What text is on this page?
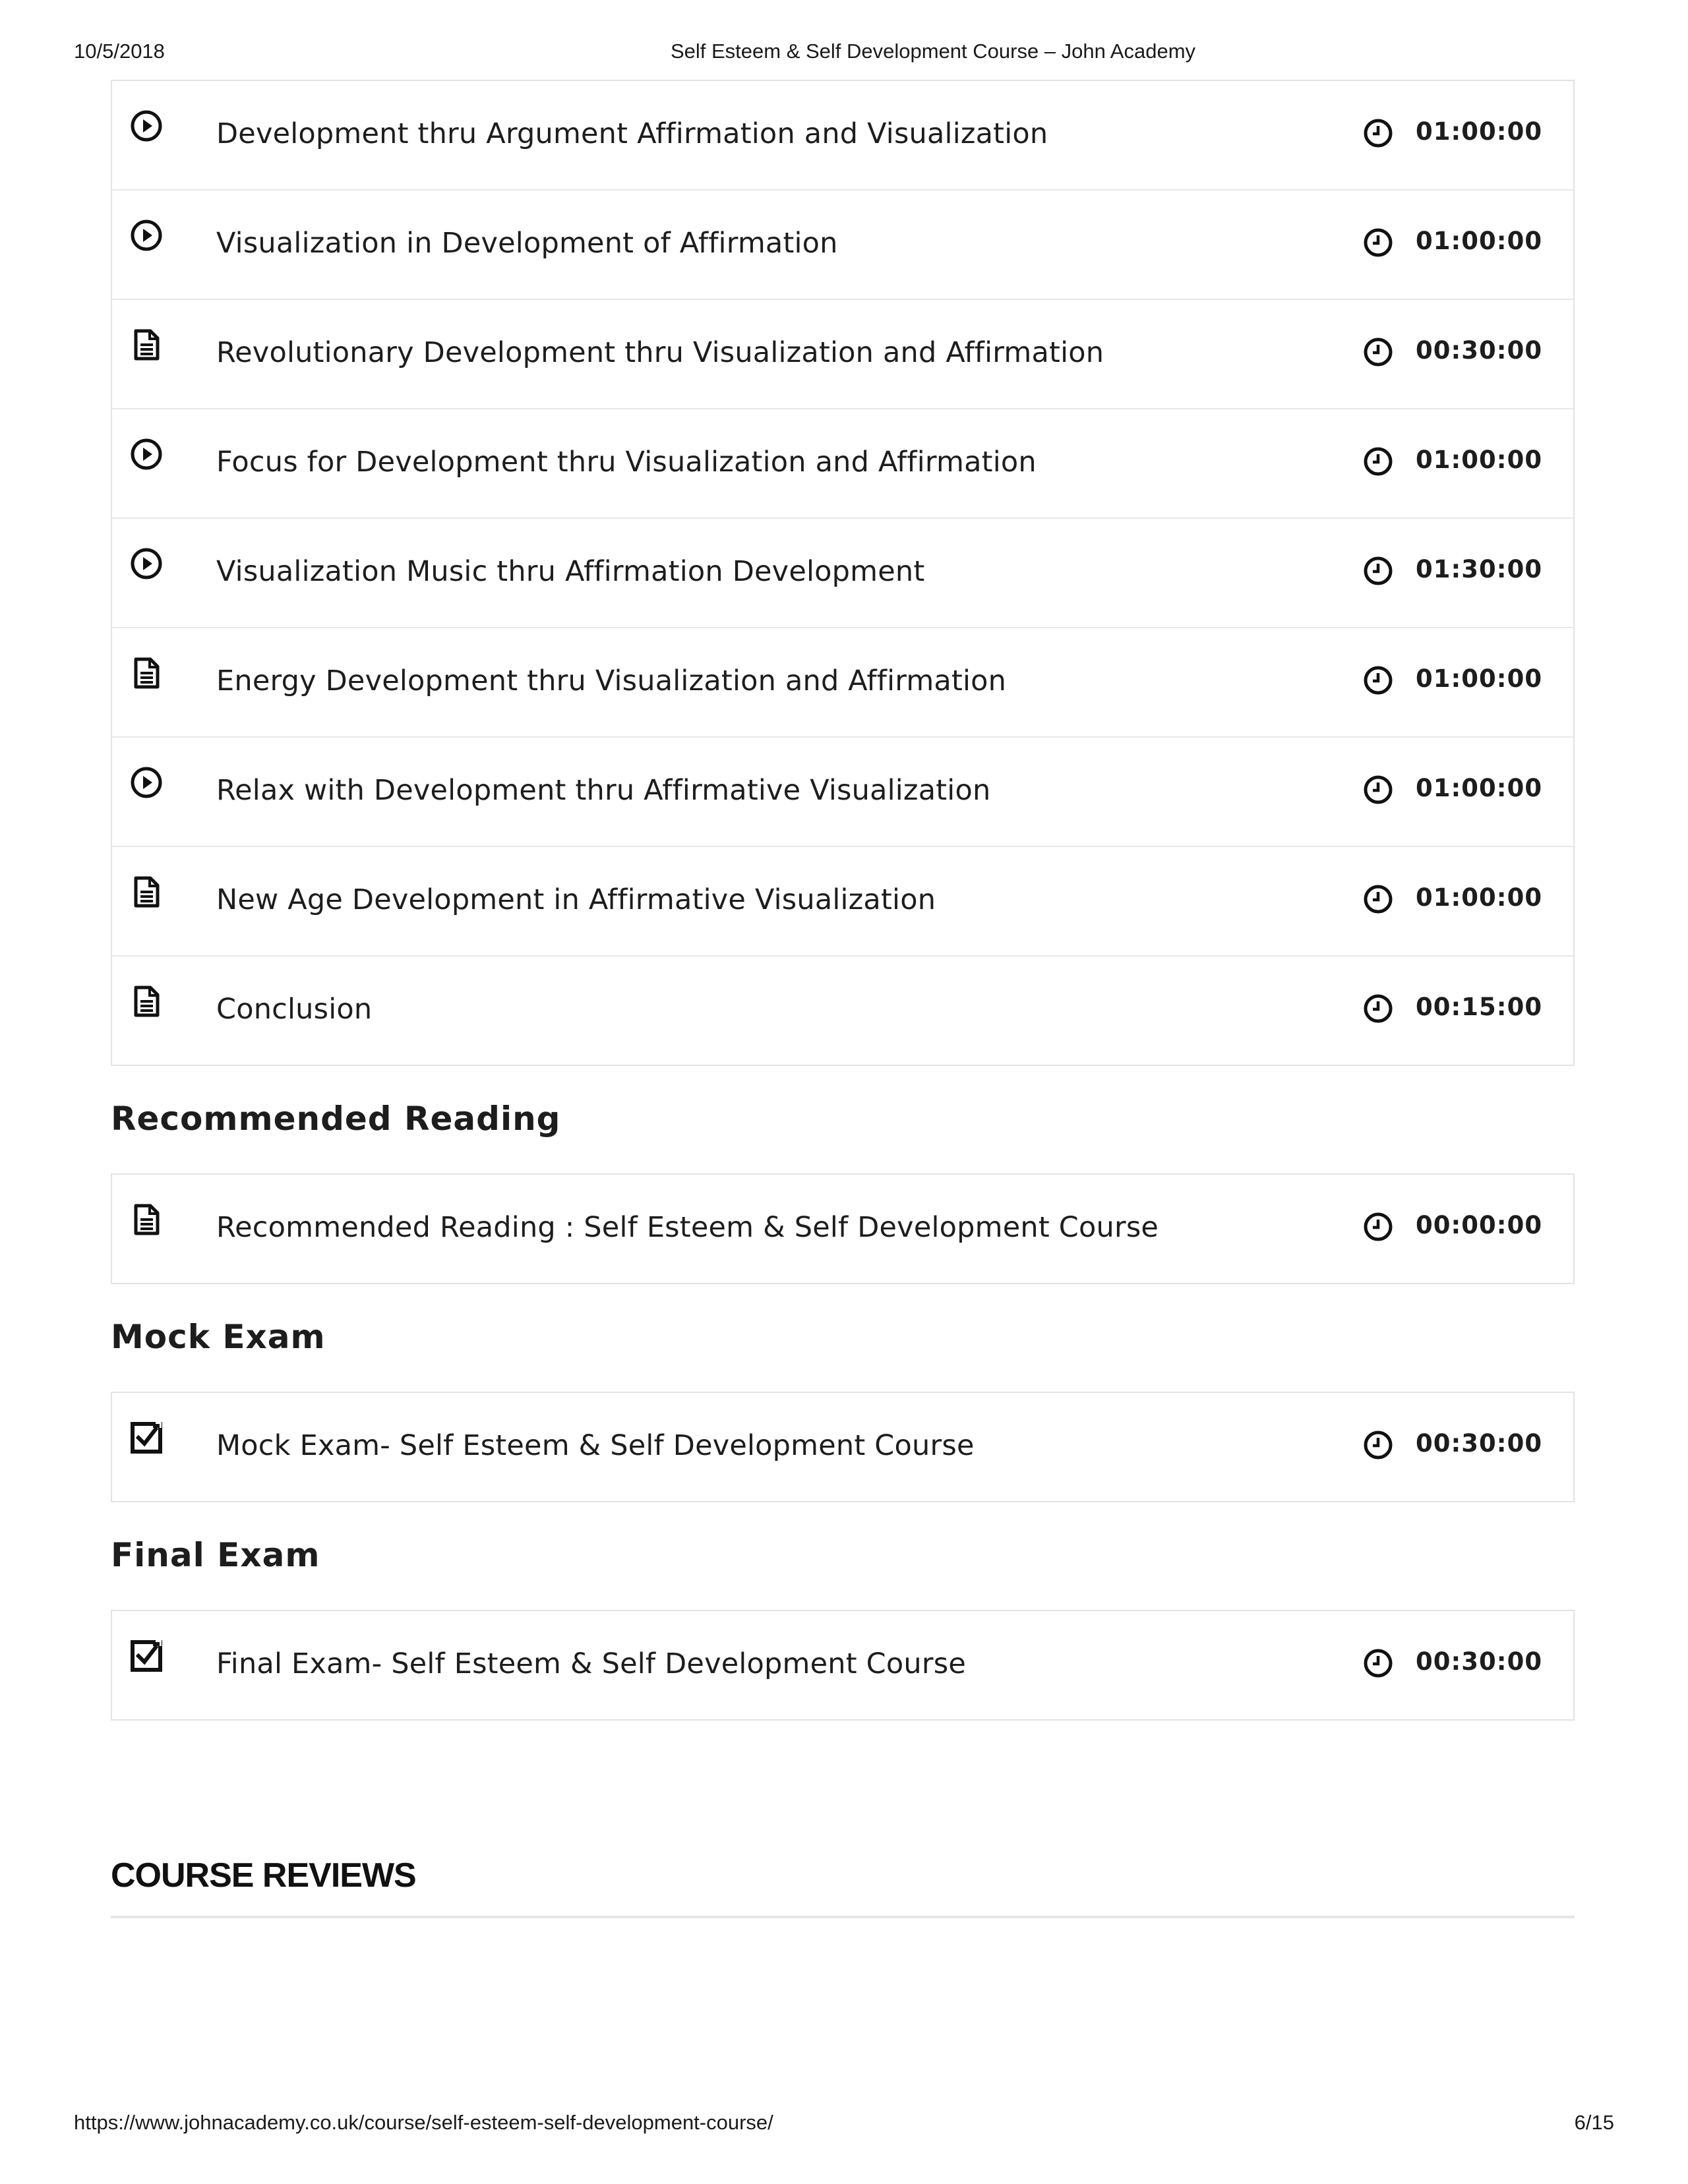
10/5/2018	Self Esteem & Self Development Course – John Academy
Development thru Argument Affirmation and Visualization	01:00:00
Visualization in Development of Affirmation	01:00:00
Revolutionary Development thru Visualization and Affirmation	00:30:00
Focus for Development thru Visualization and Affirmation	01:00:00
Visualization Music thru Affirmation Development	01:30:00
Energy Development thru Visualization and Affirmation	01:00:00
Relax with Development thru Affirmative Visualization	01:00:00
New Age Development in Affirmative Visualization	01:00:00
Conclusion	00:15:00
Recommended Reading
Recommended Reading : Self Esteem & Self Development Course	00:00:00
Mock Exam
Mock Exam- Self Esteem & Self Development Course	00:30:00
Final Exam
Final Exam- Self Esteem & Self Development Course	00:30:00
COURSE REVIEWS
https://www.johnacademy.co.uk/course/self-esteem-self-development-course/	6/15
